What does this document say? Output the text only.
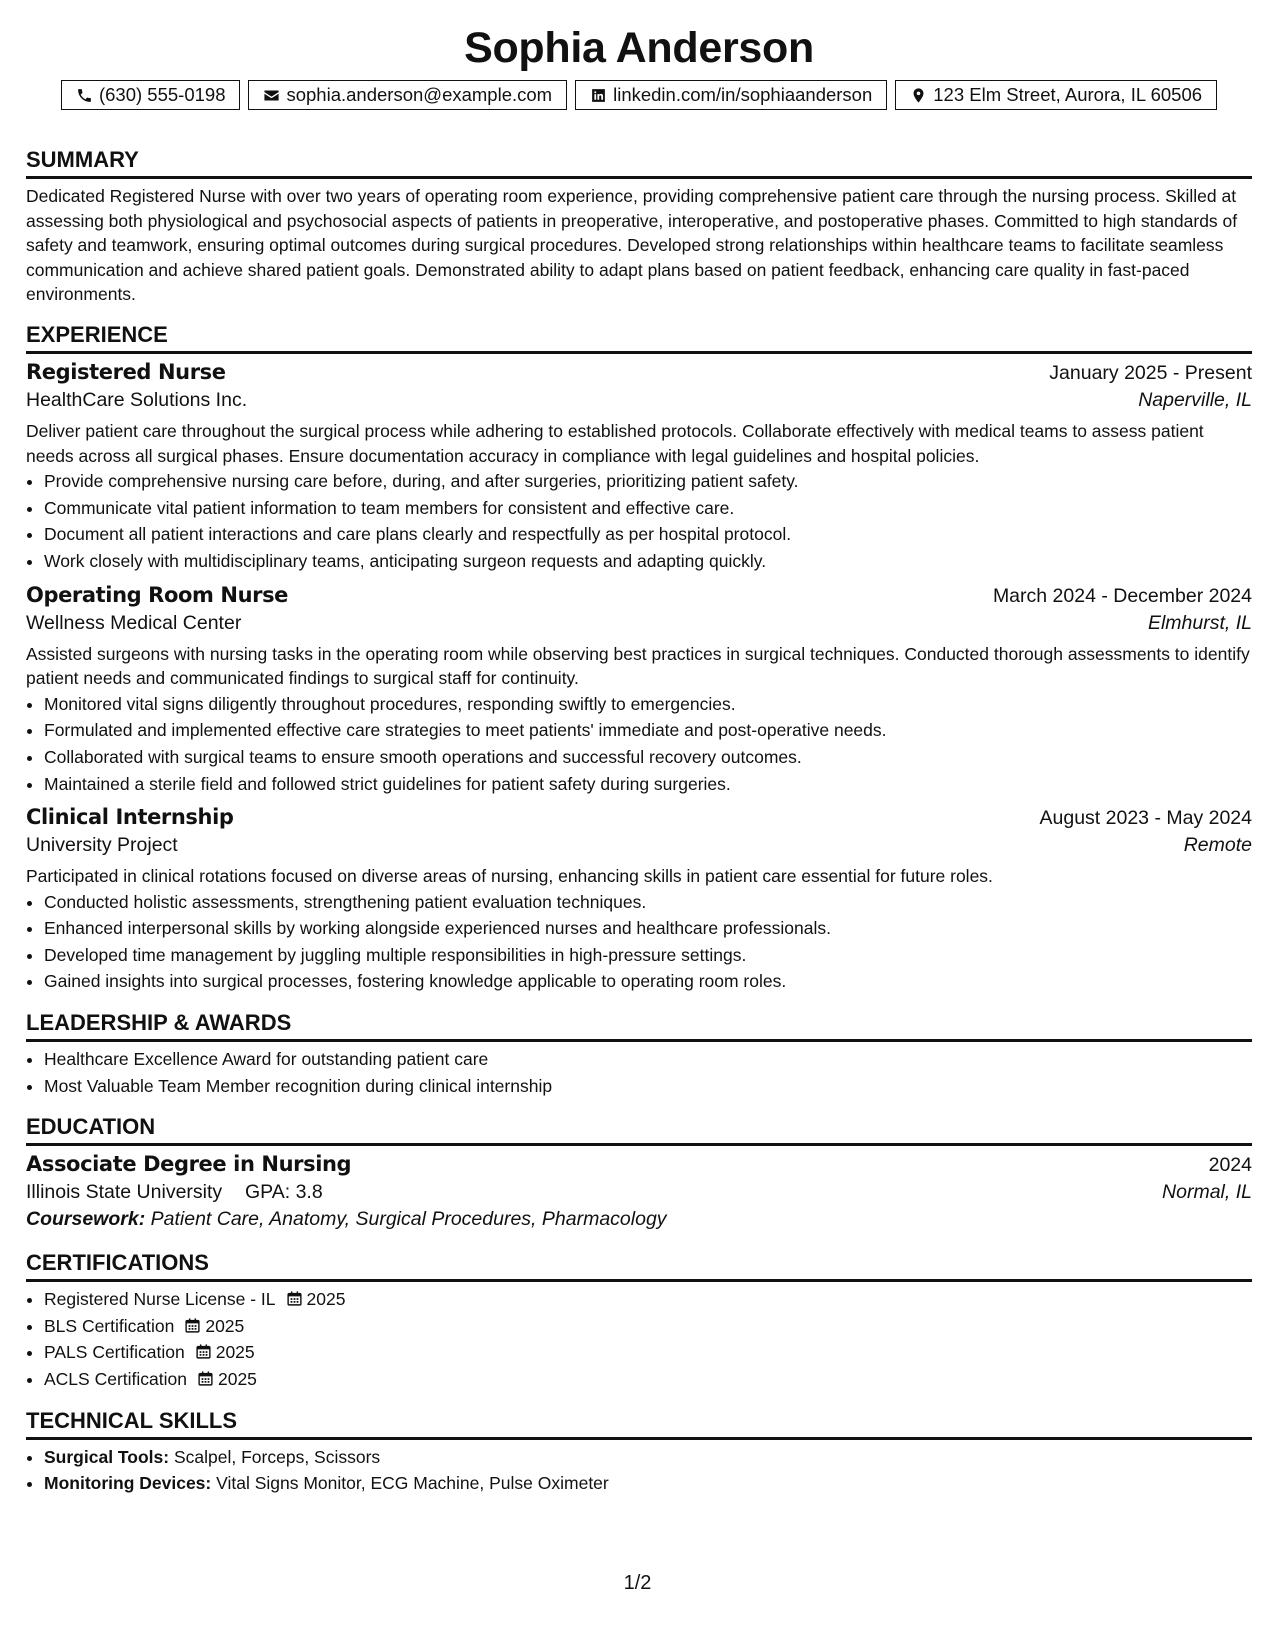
Sophia Anderson
(630) 555-0198	sophia.anderson@example.com	linkedin.com/in/sophiaanderson	123 Elm Street, Aurora, IL 60506
SUMMARY
Dedicated Registered Nurse with over two years of operating room experience, providing comprehensive patient care through the nursing process. Skilled at assessing both physiological and psychosocial aspects of patients in preoperative, interoperative, and postoperative phases. Committed to high standards of safety and teamwork, ensuring optimal outcomes during surgical procedures. Developed strong relationships within healthcare teams to facilitate seamless communication and achieve shared patient goals. Demonstrated ability to adapt plans based on patient feedback, enhancing care quality in fast-paced environments.
EXPERIENCE
Registered Nurse	January 2025 - Present
HealthCare Solutions Inc.	Naperville, IL
Deliver patient care throughout the surgical process while adhering to established protocols. Collaborate effectively with medical teams to assess patient needs across all surgical phases. Ensure documentation accuracy in compliance with legal guidelines and hospital policies.
• Provide comprehensive nursing care before, during, and after surgeries, prioritizing patient safety.
• Communicate vital patient information to team members for consistent and effective care.
• Document all patient interactions and care plans clearly and respectfully as per hospital protocol.
• Work closely with multidisciplinary teams, anticipating surgeon requests and adapting quickly.
Operating Room Nurse	March 2024 - December 2024
Wellness Medical Center	Elmhurst, IL
Assisted surgeons with nursing tasks in the operating room while observing best practices in surgical techniques. Conducted thorough assessments to identify patient needs and communicated findings to surgical staff for continuity.
• Monitored vital signs diligently throughout procedures, responding swiftly to emergencies.
• Formulated and implemented effective care strategies to meet patients' immediate and post-operative needs.
• Collaborated with surgical teams to ensure smooth operations and successful recovery outcomes.
• Maintained a sterile field and followed strict guidelines for patient safety during surgeries.
Clinical Internship	August 2023 - May 2024
University Project	Remote
Participated in clinical rotations focused on diverse areas of nursing, enhancing skills in patient care essential for future roles.
• Conducted holistic assessments, strengthening patient evaluation techniques.
• Enhanced interpersonal skills by working alongside experienced nurses and healthcare professionals.
• Developed time management by juggling multiple responsibilities in high-pressure settings.
• Gained insights into surgical processes, fostering knowledge applicable to operating room roles.
LEADERSHIP & AWARDS
• Healthcare Excellence Award for outstanding patient care
• Most Valuable Team Member recognition during clinical internship
EDUCATION
Associate Degree in Nursing	2024
Illinois State University GPA: 3.8	Normal, IL
Coursework: Patient Care, Anatomy, Surgical Procedures, Pharmacology
CERTIFICATIONS
• Registered Nurse License - IL 2025
• BLS Certification 2025
• PALS Certification 2025
• ACLS Certification 2025
TECHNICAL SKILLS
• Surgical Tools: Scalpel, Forceps, Scissors
• Monitoring Devices: Vital Signs Monitor, ECG Machine, Pulse Oximeter
1/2
